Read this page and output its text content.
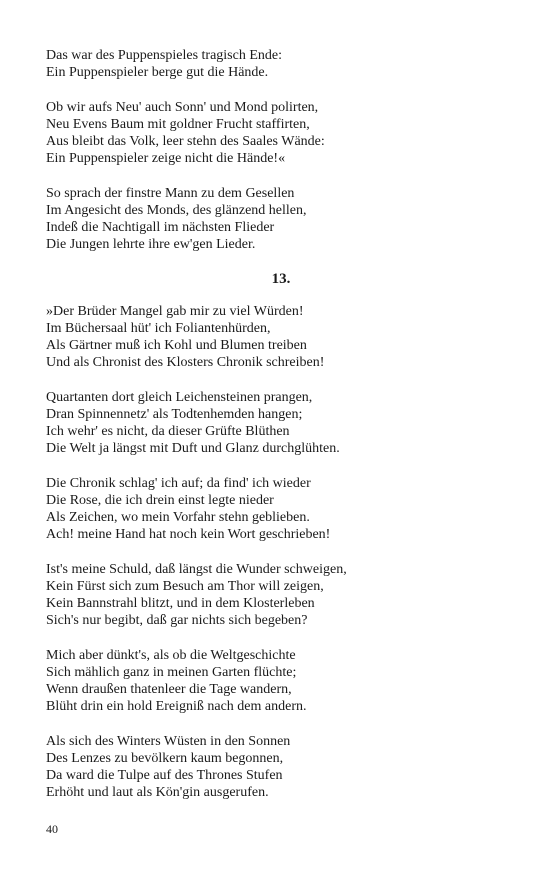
Das war des Puppenspieles tragisch Ende:
Ein Puppenspieler berge gut die Hände.
Ob wir aufs Neu' auch Sonn' und Mond polirten,
Neu Evens Baum mit goldner Frucht staffirten,
Aus bleibt das Volk, leer stehn des Saales Wände:
Ein Puppenspieler zeige nicht die Hände!«
So sprach der finstre Mann zu dem Gesellen
Im Angesicht des Monds, des glänzend hellen,
Indeß die Nachtigall im nächsten Flieder
Die Jungen lehrte ihre ew'gen Lieder.
13.
»Der Brüder Mangel gab mir zu viel Würden!
Im Büchersaal hüt' ich Foliantenhürden,
Als Gärtner muß ich Kohl und Blumen treiben
Und als Chronist des Klosters Chronik schreiben!
Quartanten dort gleich Leichensteinen prangen,
Dran Spinnennetz' als Todtenhemden hangen;
Ich wehr' es nicht, da dieser Grüfte Blüthen
Die Welt ja längst mit Duft und Glanz durchglühten.
Die Chronik schlag' ich auf; da find' ich wieder
Die Rose, die ich drein einst legte nieder
Als Zeichen, wo mein Vorfahr stehn geblieben.
Ach! meine Hand hat noch kein Wort geschrieben!
Ist's meine Schuld, daß längst die Wunder schweigen,
Kein Fürst sich zum Besuch am Thor will zeigen,
Kein Bannstrahl blitzt, und in dem Klosterleben
Sich's nur begibt, daß gar nichts sich begeben?
Mich aber dünkt's, als ob die Weltgeschichte
Sich mählich ganz in meinen Garten flüchte;
Wenn draußen thatenleer die Tage wandern,
Blüht drin ein hold Ereigniß nach dem andern.
Als sich des Winters Wüsten in den Sonnen
Des Lenzes zu bevölkern kaum begonnen,
Da ward die Tulpe auf des Thrones Stufen
Erhöht und laut als Kön'gin ausgerufen.
40
